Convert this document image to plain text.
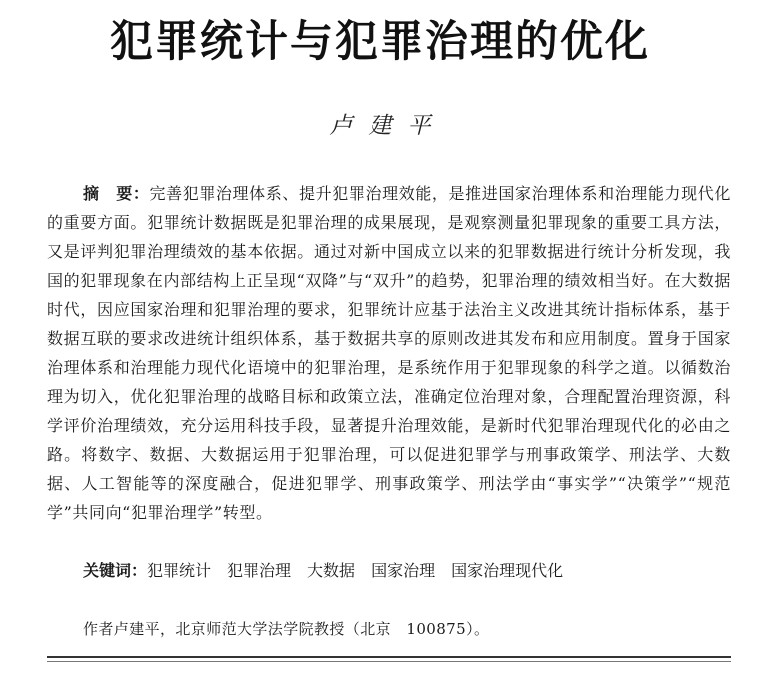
犯罪统计与犯罪治理的优化
卢建平

摘　要：完善犯罪治理体系、提升犯罪治理效能，是推进国家治理体系和治理能力现代化的重要方面。犯罪统计数据既是犯罪治理的成果展现，是观察测量犯罪现象的重要工具方法，又是评判犯罪治理绩效的基本依据。通过对新中国成立以来的犯罪数据进行统计分析发现，我国的犯罪现象在内部结构上正呈现“双降”与“双升”的趋势，犯罪治理的绩效相当好。在大数据时代，因应国家治理和犯罪治理的要求，犯罪统计应基于法治主义改进其统计指标体系，基于数据互联的要求改进统计组织体系，基于数据共享的原则改进其发布和应用制度。置身于国家治理体系和治理能力现代化语境中的犯罪治理，是系统作用于犯罪现象的科学之道。以循数治理为切入，优化犯罪治理的战略目标和政策立法，准确定位治理对象，合理配置治理资源，科学评价治理绩效，充分运用科技手段，显著提升治理效能，是新时代犯罪治理现代化的必由之路。将数字、数据、大数据运用于犯罪治理，可以促进犯罪学与刑事政策学、刑法学、大数据、人工智能等的深度融合，促进犯罪学、刑事政策学、刑法学由“事实学”“决策学”“规范学”共同向“犯罪治理学”转型。

关键词：犯罪统计 犯罪治理 大数据 国家治理 国家治理现代化
作者卢建平，北京师范大学法学院教授（北京　100875）。
